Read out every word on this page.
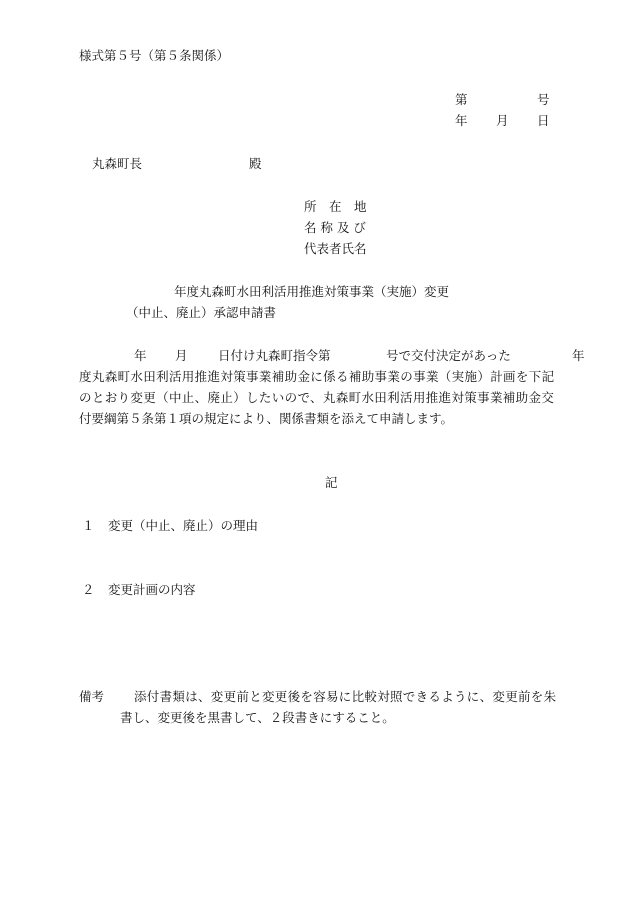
様式第５号（第５条関係）
第	号
年 月 日
丸森町長	殿
所　在　地
名 称 及 び
代表者氏名
年度丸森町水田利活用推進対策事業（実施）変更
（中止、廃止）承認申請書
年 月 日付け丸森町指令第	号で交付決定があった	年
度丸森町水田利活用推進対策事業補助金に係る補助事業の事業（実施）計画を下記
のとおり変更（中止、廃止）したいので、丸森町水田利活用推進対策事業補助金交
付要綱第５条第１項の規定により、関係書類を添えて申請します。
記
１ 変更（中止、廃止）の理由
２ 変更計画の内容
備考 添付書類は、変更前と変更後を容易に比較対照できるように、変更前を朱
書し、変更後を黒書して、２段書きにすること。
